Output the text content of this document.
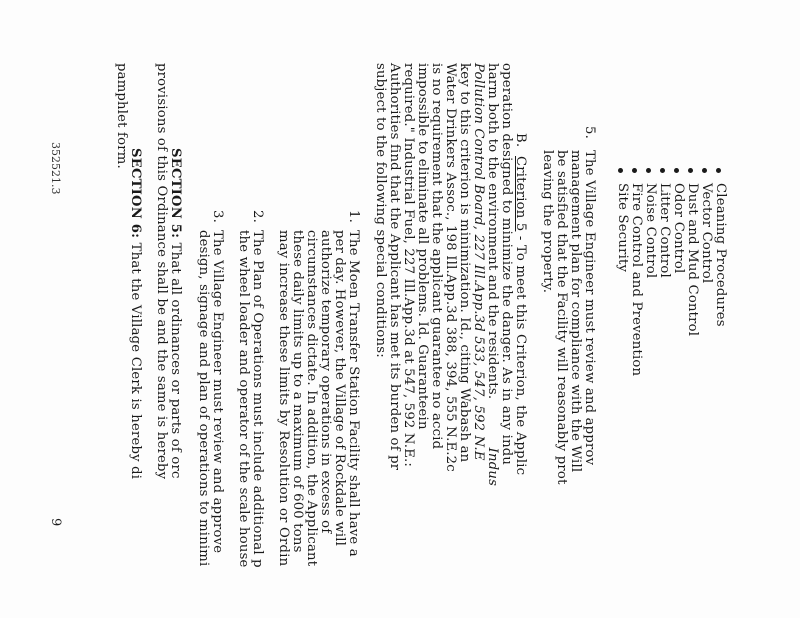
Cleaning Procedures
Vector Control
Dust and Mud Control
Odor Control
Litter Control
Noise Control
Fire Control and Prevention
Site Security
5.
The Village Engineer must review and approv
management plan for compliance with the Will
be satisfied that the Facility will reasonably prot
leaving the property.
B.
Criterion 5 - To meet this Criterion, the Applic
operation designed to minimize the danger. As in any indu
harm both to the environment and the residents. Indus
Pollution Control Board, 227 Ill.App.3d 533, 547, 592 N.E
key to this criterion is minimization. Id., citing Wabash an
Water Drinkers Assoc., 198 Ill.App.3d 388, 394, 555 N.E.2c
is no requirement that the applicant guarantee no accid
impossible to eliminate all problems. Id. Guaranteein
required." Industrial Fuel, 227 Ill.App.3d at 547, 592 N.E.:
Authorities find that the Applicant has met its burden of pr
subject to the following special conditions:
1.
The Moen Transfer Station Facility shall have a
per day. However, the Village of Rockdale will
authorize temporary operations in excess of
circumstances dictate. In addition, the Applicant
these daily limits up to a maximum of 600 tons
may increase these limits by Resolution or Ordin
2.
The Plan of Operations must include additional p
the wheel loader and operator of the scale house
3.
The Village Engineer must review and approve
design, signage and plan of operations to minimi
SECTION 5: That all ordinances or parts of orc
provisions of this Ordinance shall be and the same is hereby
SECTION 6: That the Village Clerk is hereby di
pamphlet form.
352521.3
9
